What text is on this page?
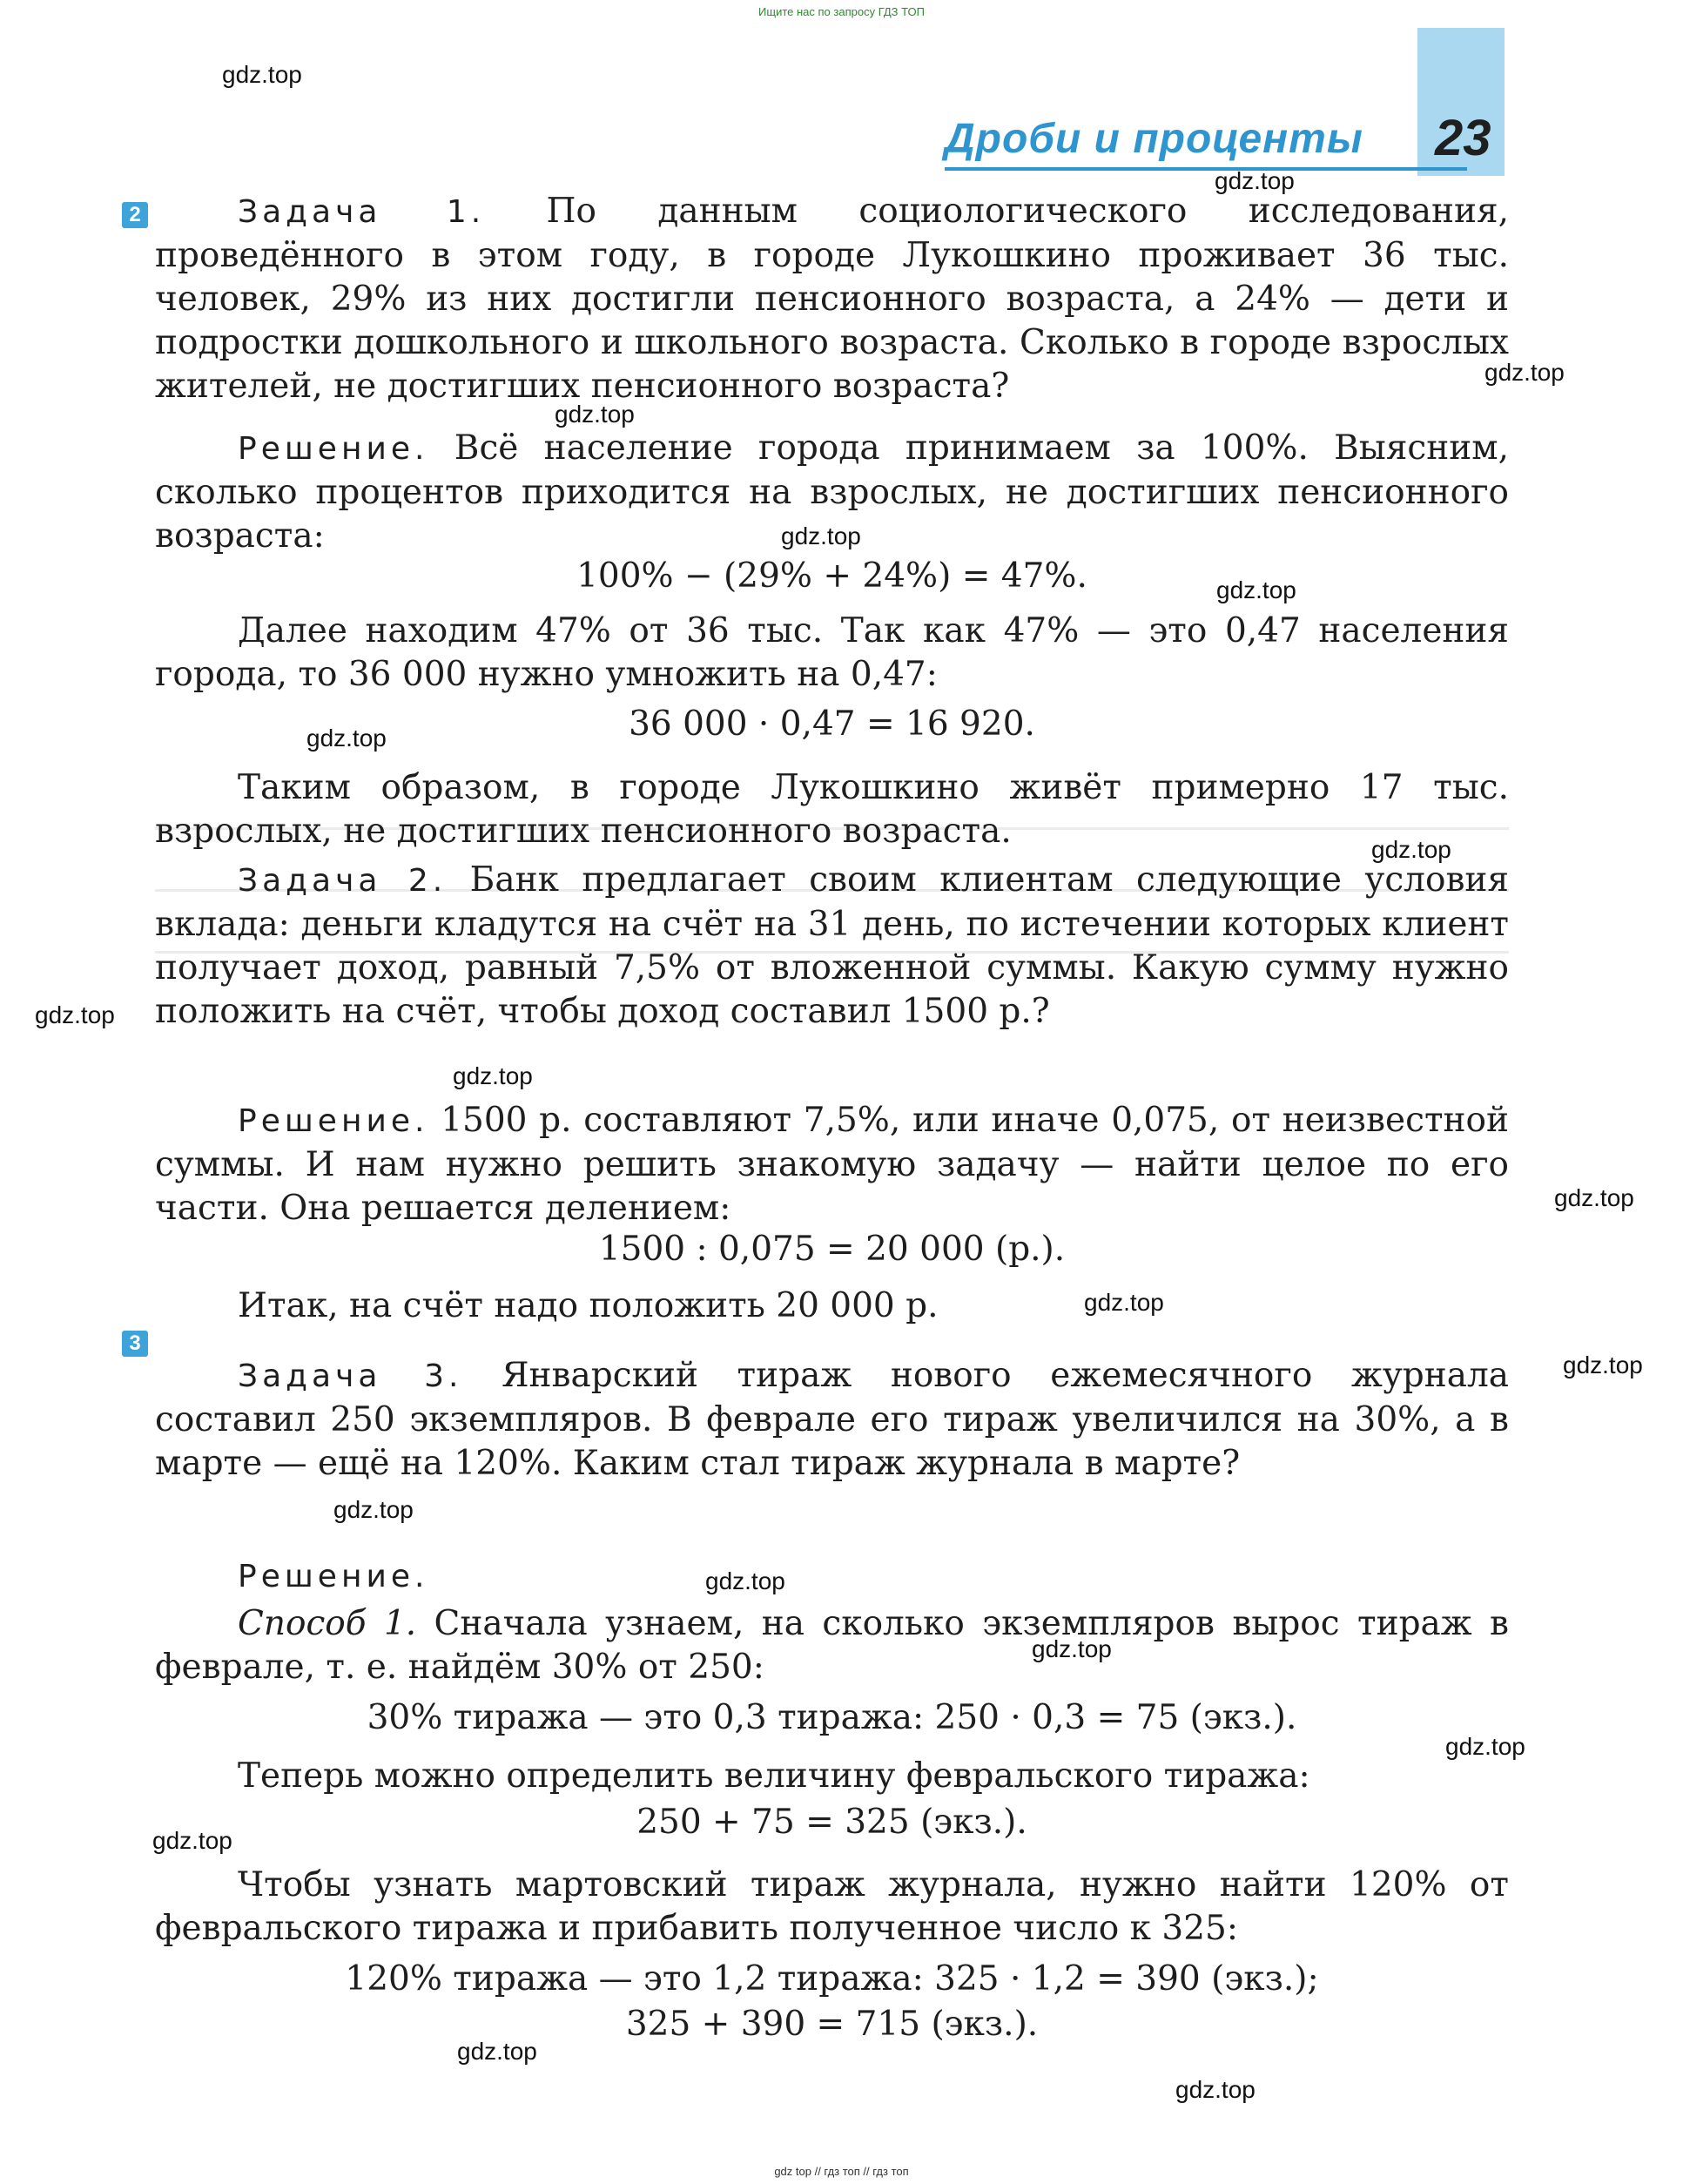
Ищите нас по запросу ГДЗ ТОП
Дроби и проценты 23
2
3

Задача 1. По данным социологического исследования, проведённого в этом году, в городе Лукошкино проживает 36 тыс. человек, 29% из них достигли пенсионного возраста, а 24% — дети и подростки дошкольного и школьного возраста. Сколько в городе взрослых жителей, не достигших пенсионного возраста?

Решение. Всё население города принимаем за 100%. Выясним, сколько процентов приходится на взрослых, не достигших пенсионного возраста:

100% − (29% + 24%) = 47%.

Далее находим 47% от 36 тыс. Так как 47% — это 0,47 населения города, то 36 000 нужно умножить на 0,47:

36 000 · 0,47 = 16 920.

Таким образом, в городе Лукошкино живёт примерно 17 тыс. взрослых, не достигших пенсионного возраста.

Задача 2. Банк предлагает своим клиентам следующие условия вклада: деньги кладутся на счёт на 31 день, по истечении которых клиент получает доход, равный 7,5% от вложенной суммы. Какую сумму нужно положить на счёт, чтобы доход составил 1500 р.?

Решение. 1500 р. составляют 7,5%, или иначе 0,075, от неизвестной суммы. И нам нужно решить знакомую задачу — найти целое по его части. Она решается делением:

1500 : 0,075 = 20 000 (р.).

Итак, на счёт надо положить 20 000 р.

Задача 3. Январский тираж нового ежемесячного журнала составил 250 экземпляров. В феврале его тираж увеличился на 30%, а в марте — ещё на 120%. Каким стал тираж журнала в марте?

Решение.

Способ 1. Сначала узнаем, на сколько экземпляров вырос тираж в феврале, т. е. найдём 30% от 250:

30% тиража — это 0,3 тиража: 250 · 0,3 = 75 (экз.).

Теперь можно определить величину февральского тиража:

250 + 75 = 325 (экз.).

Чтобы узнать мартовский тираж журнала, нужно найти 120% от февральского тиража и прибавить полученное число к 325:

120% тиража — это 1,2 тиража: 325 · 1,2 = 390 (экз.);
325 + 390 = 715 (экз.).
gdz.top
gdz.top
gdz.top
gdz.top
gdz.top
gdz.top
gdz.top
gdz.top
gdz.top
gdz.top
gdz.top
gdz.top
gdz.top
gdz.top
gdz.top
gdz.top
gdz.top
gdz.top
gdz.top
gdz.top
gdz top // гдз топ // гдз топ
